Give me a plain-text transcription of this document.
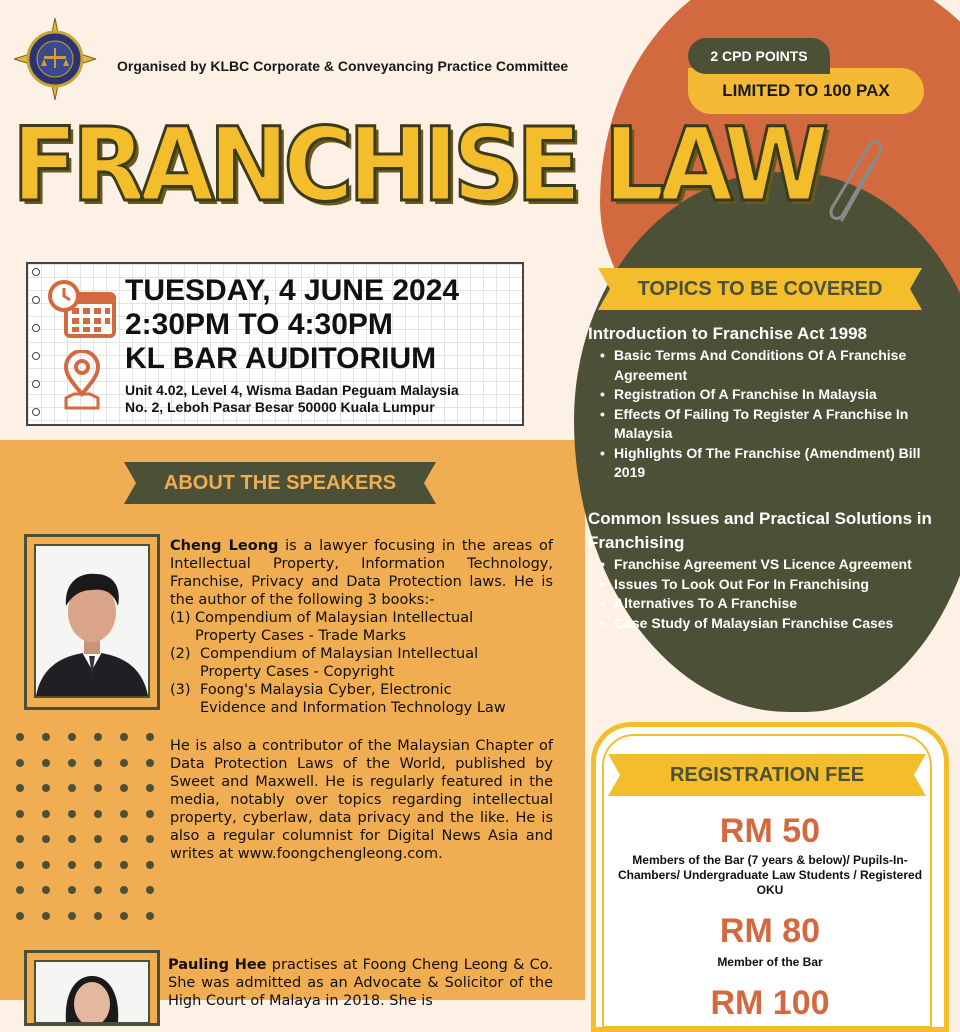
Organised by KLBC Corporate & Conveyancing Practice Committee
LIMITED TO 100 PAX
2 CPD POINTS
FRANCHISE LAW
TUESDAY, 4 JUNE 2024
2:30PM TO 4:30PM
KL BAR AUDITORIUM
Unit 4.02, Level 4, Wisma Badan Peguam Malaysia
No. 2, Leboh Pasar Besar 50000 Kuala Lumpur
TOPICS TO BE COVERED
Introduction to Franchise Act 1998
• Basic Terms And Conditions Of A Franchise Agreement
• Registration Of A Franchise In Malaysia
• Effects Of Failing To Register A Franchise In Malaysia
• Highlights Of The Franchise (Amendment) Bill 2019
Common Issues and Practical Solutions in Franchising
• Franchise Agreement VS Licence Agreement
• Issues To Look Out For In Franchising
• Alternatives To A Franchise
• Case Study of Malaysian Franchise Cases
ABOUT THE SPEAKERS
Cheng Leong is a lawyer focusing in the areas of Intellectual Property, Information Technology, Franchise, Privacy and Data Protection laws. He is the author of the following 3 books:-
(1) Compendium of Malaysian Intellectual
Property Cases - Trade Marks
(2) Compendium of Malaysian Intellectual
Property Cases - Copyright
(3) Foong's Malaysia Cyber, Electronic
Evidence and Information Technology Law
He is also a contributor of the Malaysian Chapter of Data Protection Laws of the World, published by Sweet and Maxwell. He is regularly featured in the media, notably over topics regarding intellectual property, cyberlaw, data privacy and the like. He is also a regular columnist for Digital News Asia and writes at www.foongchengleong.com.
Pauling Hee practises at Foong Cheng Leong & Co. She was admitted as an Advocate & Solicitor of the High Court of Malaya in 2018. She is
REGISTRATION FEE
RM 50
Members of the Bar (7 years & below)/ Pupils-In-Chambers/ Undergraduate Law Students / Registered OKU
RM 80
Member of the Bar
RM 100
